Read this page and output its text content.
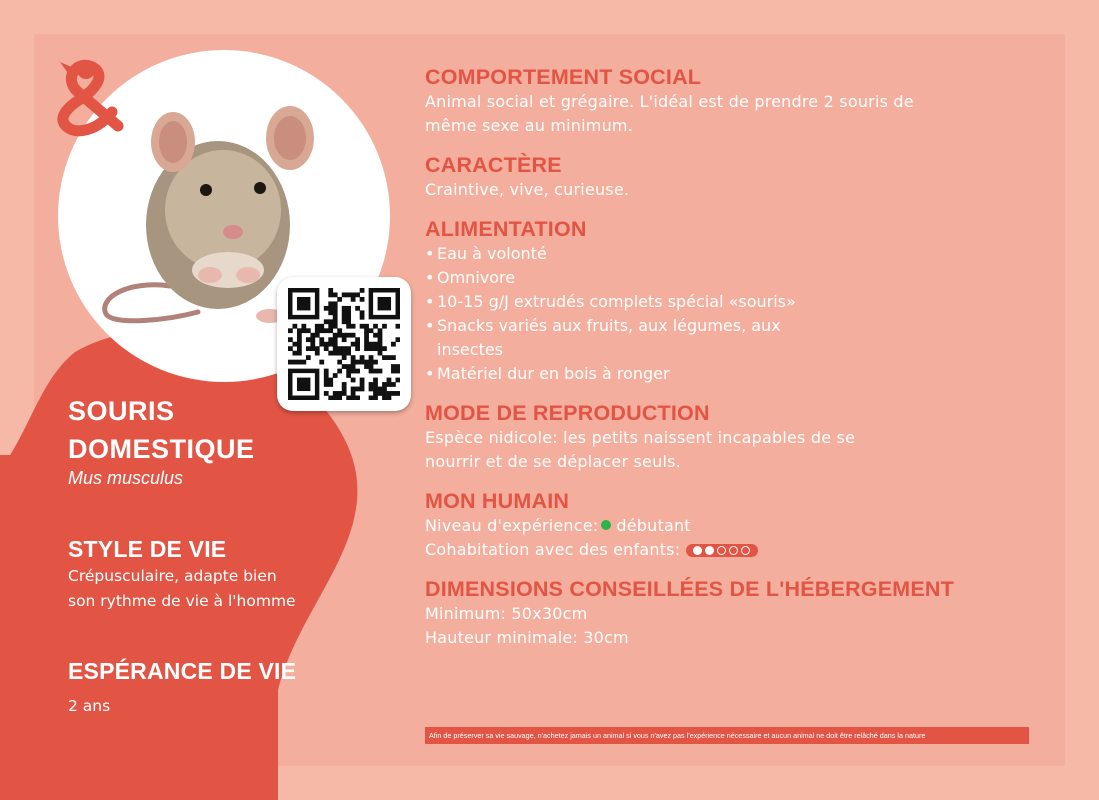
SOURIS
DOMESTIQUE
Mus musculus
STYLE DE VIE
Crépusculaire, adapte bien
son rythme de vie à l'homme
ESPÉRANCE DE VIE
2 ans
COMPORTEMENT SOCIAL
Animal social et grégaire. L'idéal est de prendre 2 souris de
même sexe au minimum.
CARACTÈRE
Craintive, vive, curieuse.
ALIMENTATION
• Eau à volonté
• Omnivore
• 10-15 g/J extrudés complets spécial «souris»
• Snacks variés aux fruits, aux légumes, aux
insectes
• Matériel dur en bois à ronger
MODE DE REPRODUCTION
Espèce nidicole: les petits naissent incapables de se
nourrir et de se déplacer seuls.
MON HUMAIN
Niveau d'expérience: débutant
Cohabitation avec des enfants:
DIMENSIONS CONSEILLÉES DE L'HÉBERGEMENT
Minimum: 50x30cm
Hauteur minimale: 30cm
Afin de préserver sa vie sauvage, n'achetez jamais un animal si vous n'avez pas l'expérience nécessaire et aucun animal ne doit être relâché dans la nature
